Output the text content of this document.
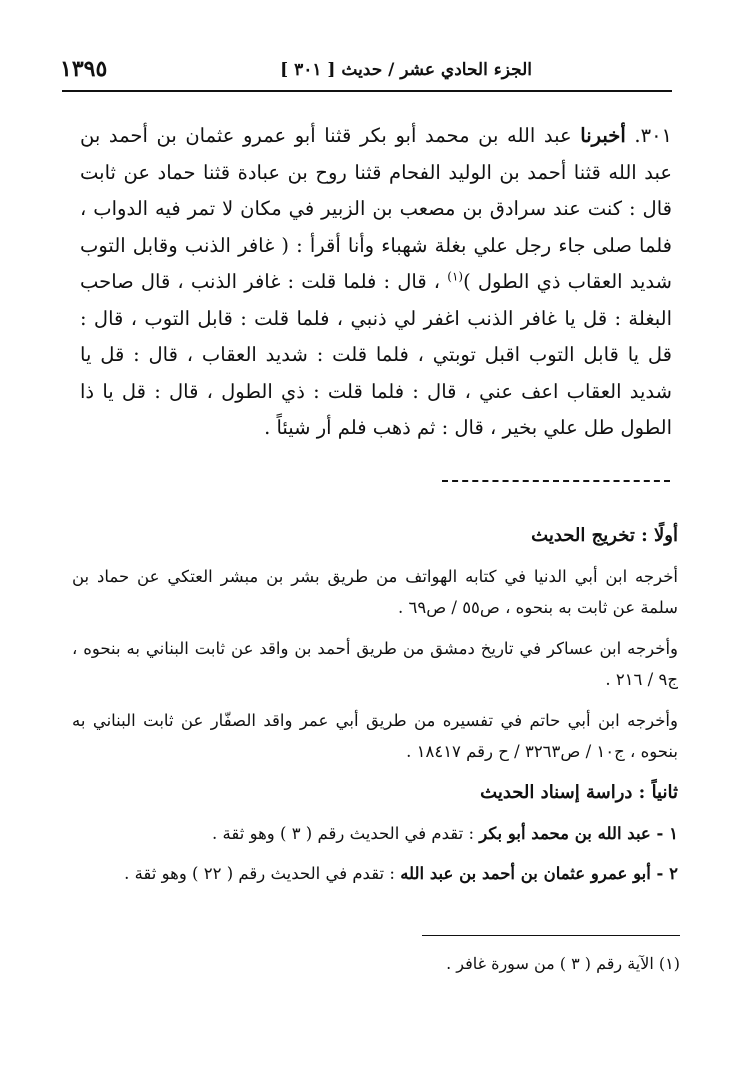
الجزء الحادي عشر / حديث [ ٣٠١ ]
١٣٩٥
٣٠١. أخبرنا عبد الله بن محمد أبو بكر قثنا أبو عمرو عثمان بن أحمد بن عبد الله قثنا أحمد بن الوليد الفحام قثنا روح بن عبادة قثنا حماد عن ثابت قال : كنت عند سرادق بن مصعب بن الزبير في مكان لا تمر فيه الدواب ، فلما صلى جاء رجل علي بغلة شهباء وأنا أقرأ : ( غافر الذنب وقابل التوب شديد العقاب ذي الطول )$^{(١)}$ ، قال : فلما قلت : غافر الذنب ، قال صاحب البغلة : قل يا غافر الذنب اغفر لي ذنبي ، فلما قلت : قابل التوب ، قال : قل يا قابل التوب اقبل توبتي ، فلما قلت : شديد العقاب ، قال : قل يا شديد العقاب اعف عني ، قال : فلما قلت : ذي الطول ، قال : قل يا ذا الطول طل علي بخير ، قال : ثم ذهب فلم أر شيئاً .
أولًا : تخريج الحديث

أخرجه ابن أبي الدنيا في كتابه الهواتف من طريق بشر بن مبشر العتكي عن حماد بن سلمة عن ثابت به بنحوه ، ص٥٥ / ص٦٩ .

وأخرجه ابن عساكر في تاريخ دمشق من طريق أحمد بن واقد عن ثابت البناني به بنحوه ، ج٩ / ٢١٦ .

وأخرجه ابن أبي حاتم في تفسيره من طريق أبي عمر واقد الصفّار عن ثابت البناني به بنحوه ، ج١٠ / ص٣٢٦٣ / ح رقم ١٨٤١٧ .

ثانياً : دراسة إسناد الحديث
١ - عبد الله بن محمد أبو بكر : تقدم في الحديث رقم ( ٣ ) وهو ثقة .
٢ - أبو عمرو عثمان بن أحمد بن عبد الله : تقدم في الحديث رقم ( ٢٢ ) وهو ثقة .
(١) الآية رقم ( ٣ ) من سورة غافر .
